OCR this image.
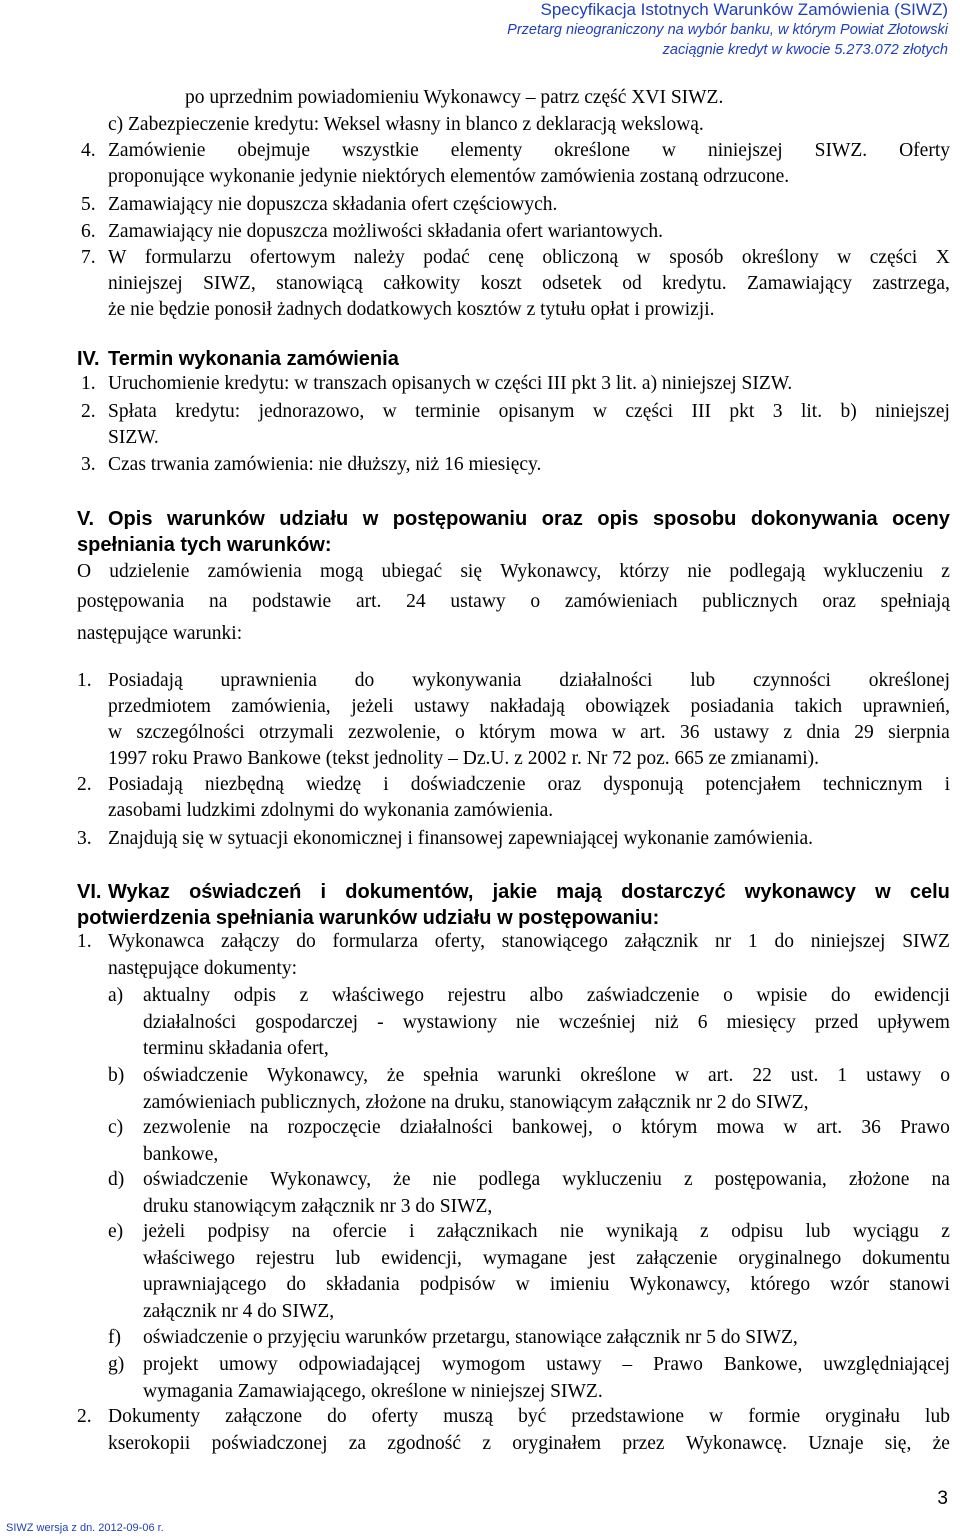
Specyfikacja Istotnych Warunków Zamówienia (SIWZ)
Przetarg nieograniczony na wybór banku, w którym Powiat Złotowski
zaciągnie kredyt w kwocie 5.273.072 złotych
po uprzednim powiadomieniu Wykonawcy – patrz część XVI SIWZ.
c) Zabezpieczenie kredytu: Weksel własny in blanco z deklaracją wekslową.
4. Zamówienie obejmuje wszystkie elementy określone w niniejszej SIWZ. Oferty
proponujące wykonanie jedynie niektórych elementów zamówienia zostaną odrzucone.
5. Zamawiający nie dopuszcza składania ofert częściowych.
6. Zamawiający nie dopuszcza możliwości składania ofert wariantowych.
7. W formularzu ofertowym należy podać cenę obliczoną w sposób określony w części X
niniejszej SIWZ, stanowiącą całkowity koszt odsetek od kredytu. Zamawiający zastrzega,
że nie będzie ponosił żadnych dodatkowych kosztów z tytułu opłat i prowizji.
IV. Termin wykonania zamówienia
1. Uruchomienie kredytu: w transzach opisanych w części III pkt 3 lit. a) niniejszej SIZW.
2. Spłata kredytu: jednorazowo, w terminie opisanym w części III pkt 3 lit. b) niniejszej
SIZW.
3. Czas trwania zamówienia: nie dłuższy, niż 16 miesięcy.
V. Opis warunków udziału w postępowaniu oraz opis sposobu dokonywania oceny
spełniania tych warunków:
O udzielenie zamówienia mogą ubiegać się Wykonawcy, którzy nie podlegają wykluczeniu z
postępowania na podstawie art. 24 ustawy o zamówieniach publicznych oraz spełniają
następujące warunki:
1. Posiadają uprawnienia do wykonywania działalności lub czynności określonej
przedmiotem zamówienia, jeżeli ustawy nakładają obowiązek posiadania takich uprawnień,
w szczególności otrzymali zezwolenie, o którym mowa w art. 36 ustawy z dnia 29 sierpnia
1997 roku Prawo Bankowe (tekst jednolity – Dz.U. z 2002 r. Nr 72 poz. 665 ze zmianami).
2. Posiadają niezbędną wiedzę i doświadczenie oraz dysponują potencjałem technicznym i
zasobami ludzkimi zdolnymi do wykonania zamówienia.
3. Znajdują się w sytuacji ekonomicznej i finansowej zapewniającej wykonanie zamówienia.
VI. Wykaz oświadczeń i dokumentów, jakie mają dostarczyć wykonawcy w celu
potwierdzenia spełniania warunków udziału w postępowaniu:
1. Wykonawca załączy do formularza oferty, stanowiącego załącznik nr 1 do niniejszej SIWZ
następujące dokumenty:
a) aktualny odpis z właściwego rejestru albo zaświadczenie o wpisie do ewidencji
działalności gospodarczej - wystawiony nie wcześniej niż 6 miesięcy przed upływem
terminu składania ofert,
b) oświadczenie Wykonawcy, że spełnia warunki określone w art. 22 ust. 1 ustawy o
zamówieniach publicznych, złożone na druku, stanowiącym załącznik nr 2 do SIWZ,
c) zezwolenie na rozpoczęcie działalności bankowej, o którym mowa w art. 36 Prawo
bankowe,
d) oświadczenie Wykonawcy, że nie podlega wykluczeniu z postępowania, złożone na
druku stanowiącym załącznik nr 3 do SIWZ,
e) jeżeli podpisy na ofercie i załącznikach nie wynikają z odpisu lub wyciągu z
właściwego rejestru lub ewidencji, wymagane jest załączenie oryginalnego dokumentu
uprawniającego do składania podpisów w imieniu Wykonawcy, którego wzór stanowi
załącznik nr 4 do SIWZ,
f) oświadczenie o przyjęciu warunków przetargu, stanowiące załącznik nr 5 do SIWZ,
g) projekt umowy odpowiadającej wymogom ustawy – Prawo Bankowe, uwzględniającej
wymagania Zamawiającego, określone w niniejszej SIWZ.
2. Dokumenty załączone do oferty muszą być przedstawione w formie oryginału lub
kserokopii poświadczonej za zgodność z oryginałem przez Wykonawcę. Uznaje się, że
3
SIWZ wersja z dn. 2012-09-06 r.
